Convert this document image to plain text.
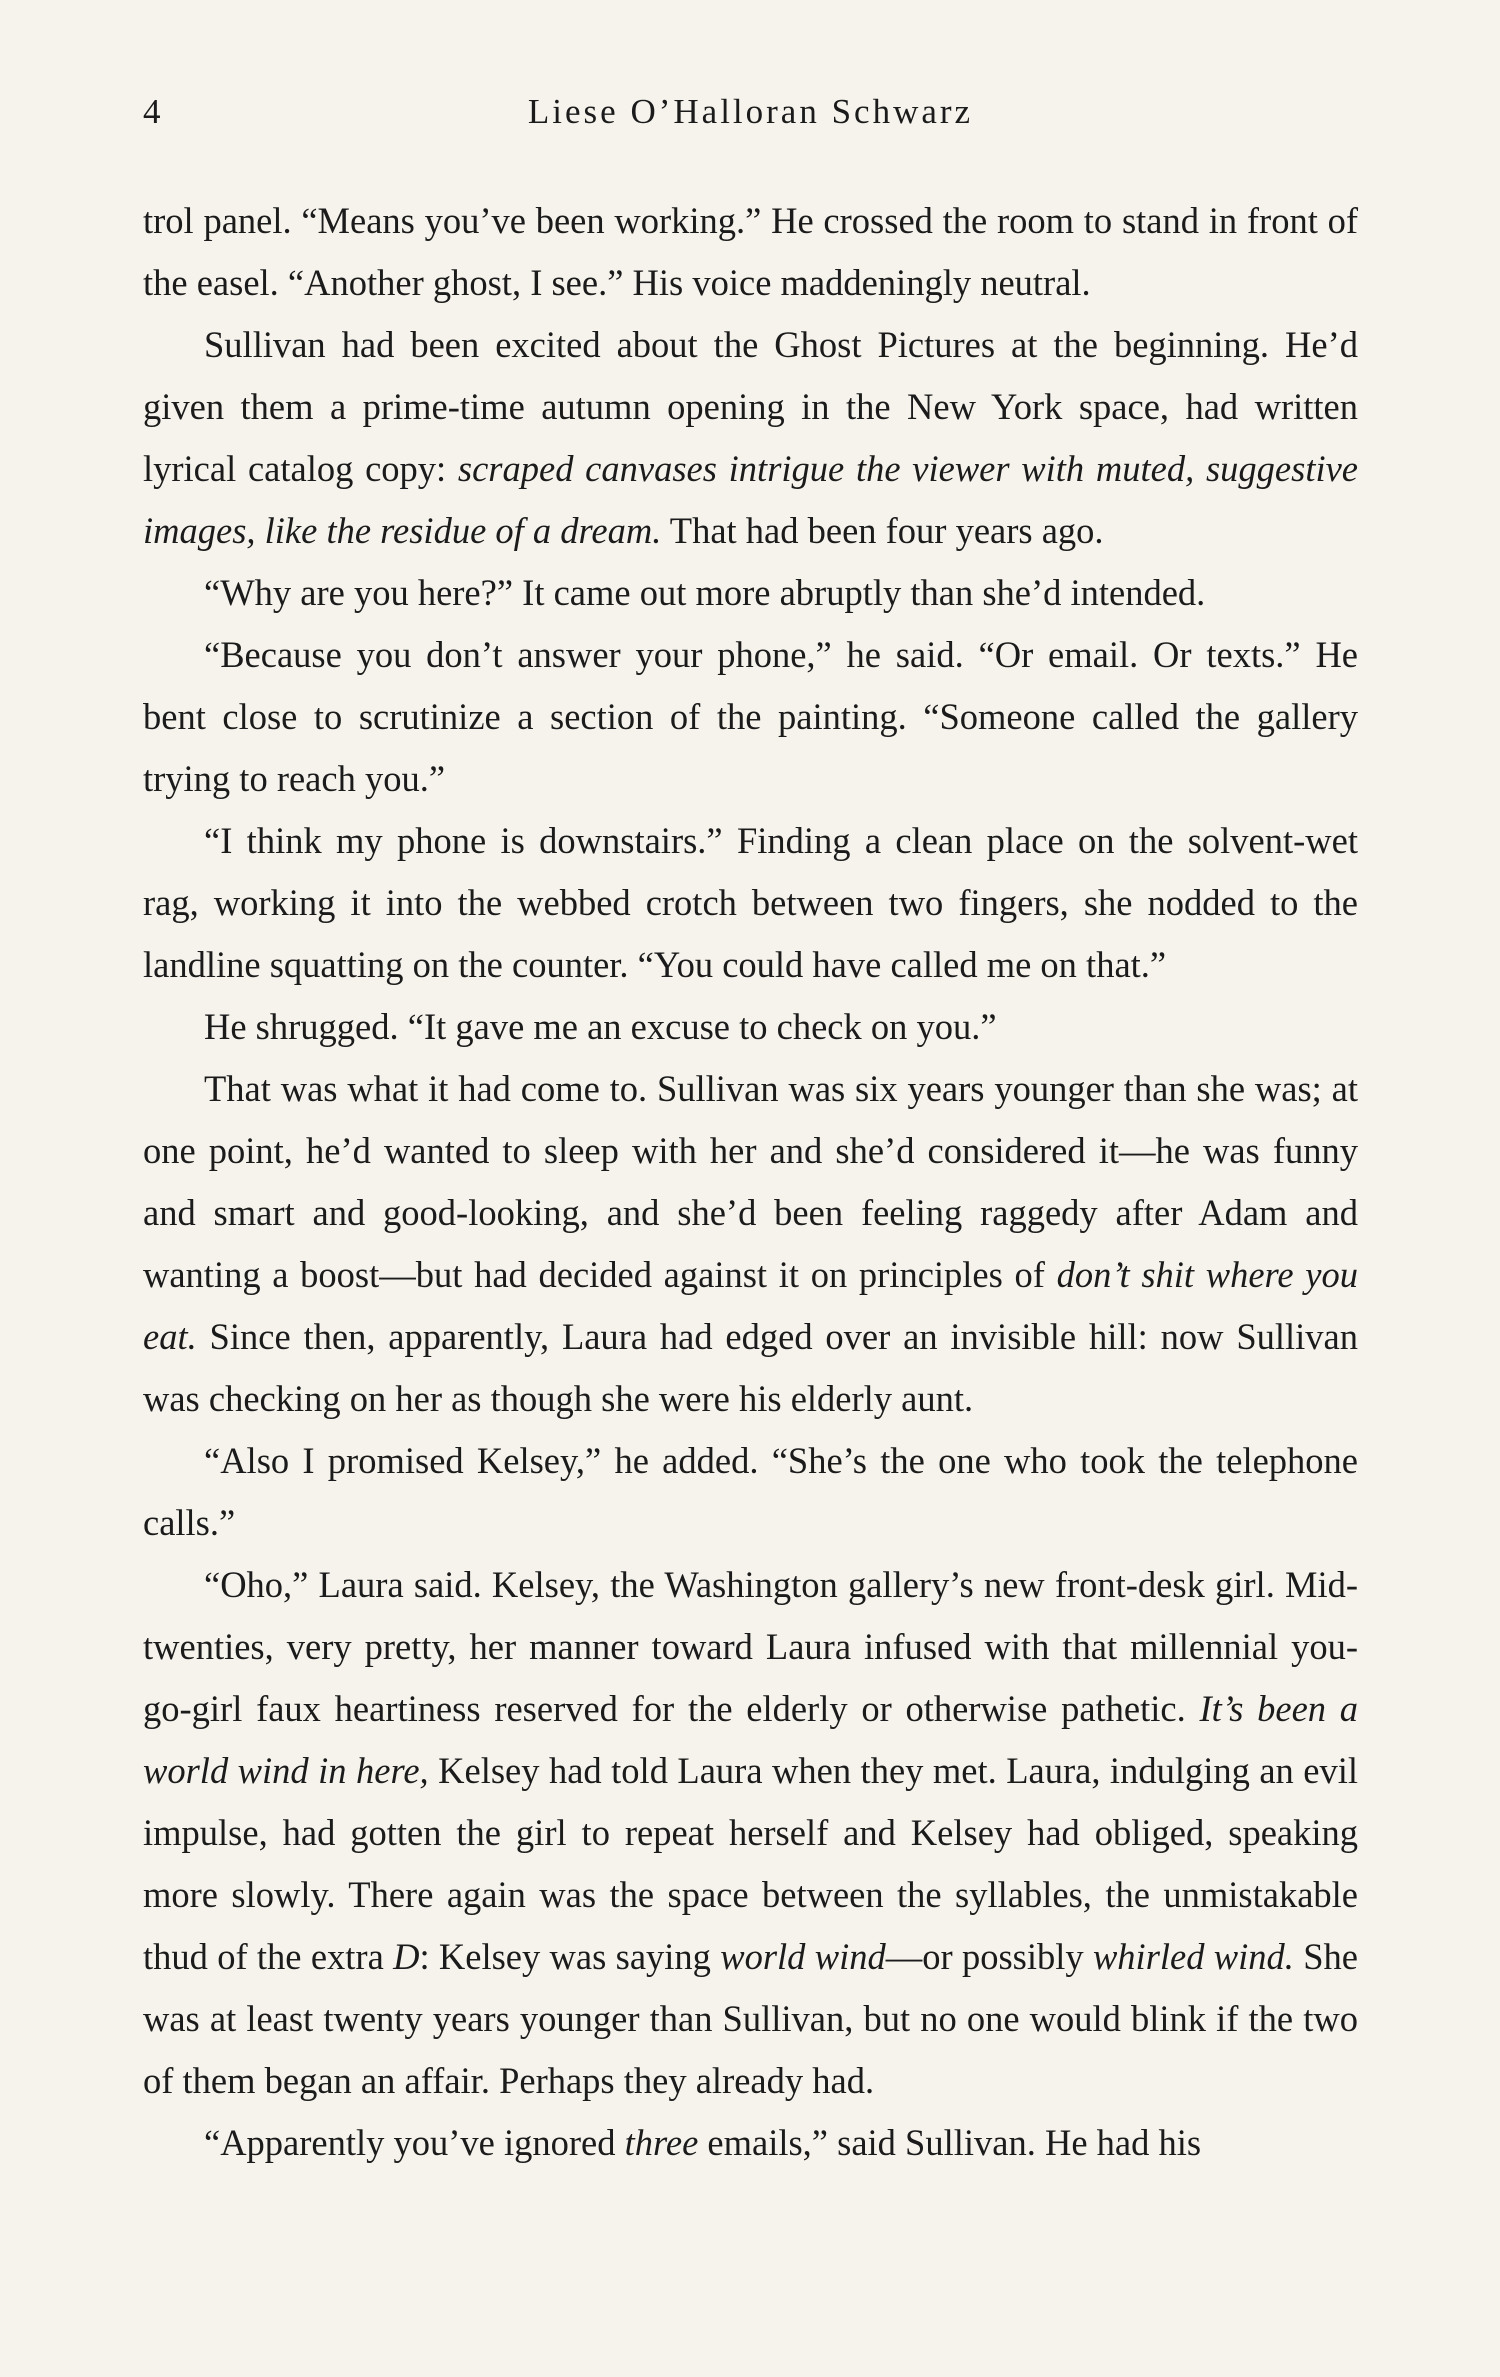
4	Liese O’Halloran Schwarz

trol panel. “Means you’ve been working.” He crossed the room to stand in front of the easel. “Another ghost, I see.” His voice maddeningly neutral.

Sullivan had been excited about the Ghost Pictures at the beginning. He’d given them a prime-time autumn opening in the New York space, had written lyrical catalog copy: scraped canvases intrigue the viewer with muted, suggestive images, like the residue of a dream. That had been four years ago.

“Why are you here?” It came out more abruptly than she’d intended.

“Because you don’t answer your phone,” he said. “Or email. Or texts.” He bent close to scrutinize a section of the painting. “Someone called the gallery trying to reach you.”

“I think my phone is downstairs.” Finding a clean place on the solvent-wet rag, working it into the webbed crotch between two fingers, she nodded to the landline squatting on the counter. “You could have called me on that.”

He shrugged. “It gave me an excuse to check on you.”

That was what it had come to. Sullivan was six years younger than she was; at one point, he’d wanted to sleep with her and she’d considered it—he was funny and smart and good-looking, and she’d been feeling raggedy after Adam and wanting a boost—but had decided against it on principles of don’t shit where you eat. Since then, apparently, Laura had edged over an invisible hill: now Sullivan was checking on her as though she were his elderly aunt.

“Also I promised Kelsey,” he added. “She’s the one who took the telephone calls.”

“Oho,” Laura said. Kelsey, the Washington gallery’s new front-desk girl. Mid-twenties, very pretty, her manner toward Laura infused with that millennial you-go-girl faux heartiness reserved for the elderly or otherwise pathetic. It’s been a world wind in here, Kelsey had told Laura when they met. Laura, indulging an evil impulse, had gotten the girl to repeat herself and Kelsey had obliged, speaking more slowly. There again was the space between the syllables, the unmistakable thud of the extra D: Kelsey was saying world wind—or possibly whirled wind. She was at least twenty years younger than Sullivan, but no one would blink if the two of them began an affair. Perhaps they already had.

“Apparently you’ve ignored three emails,” said Sullivan. He had his
